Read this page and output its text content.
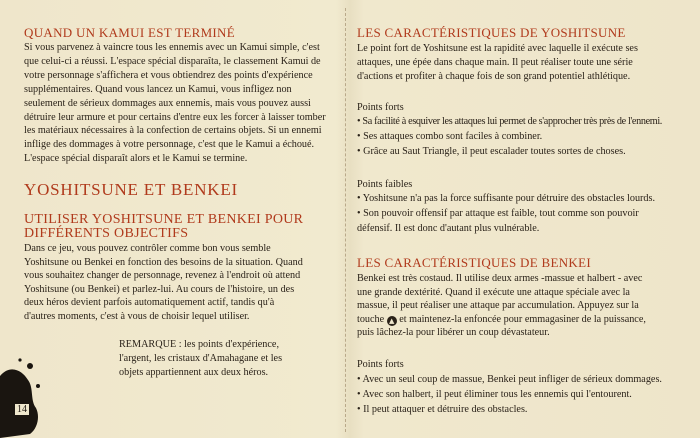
QUAND UN KAMUI EST TERMINÉ

Si vous parvenez à vaincre tous les ennemis avec un Kamui simple, c'est

que celui-ci a réussi. L'espace spécial disparaîta, le classement Kamui de

votre personnage s'affichera et vous obtiendrez des points d'expérience

supplémentaires. Quand vous lancez un Kamui, vous infligez non

seulement de sérieux dommages aux ennemis, mais vous pouvez aussi

détruire leur armure et pour certains d'entre eux les forcer à laisser tomber

les matériaux nécessaires à la confection de certains objets. Si un ennemi

inflige des dommages à votre personnage, c'est que le Kamui a échoué.

L'espace spécial disparaît alors et le Kamui se termine.

YOSHITSUNE ET BENKEI
UTILISER YOSHITSUNE ET BENKEI POUR
DIFFÉRENTS OBJECTIFS

Dans ce jeu, vous pouvez contrôler comme bon vous semble

Yoshitsune ou Benkei en fonction des besoins de la situation. Quand

vous souhaitez changer de personnage, revenez à l'endroit où attend

Yoshitsune (ou Benkei) et parlez-lui. Au cours de l'histoire, un des

deux héros devient parfois automatiquement actif, tandis qu'à

d'autres moments, c'est à vous de choisir lequel utiliser.

REMARQUE : les points d'expérience,

l'argent, les cristaux d'Amahagane et les

objets appartiennent aux deux héros.

14
LES CARACTÉRISTIQUES DE YOSHITSUNE

Le point fort de Yoshitsune est la rapidité avec laquelle il exécute ses

attaques, une épée dans chaque main. Il peut réaliser toute une série

d'actions et profiter à chaque fois de son grand potentiel athlétique.

Points forts

• Sa facilité à esquiver les attaques lui permet de s'approcher très près de l'ennemi.

• Ses attaques combo sont faciles à combiner.

• Grâce au Saut Triangle, il peut escalader toutes sortes de choses.

Points faibles

• Yoshitsune n'a pas la force suffisante pour détruire des obstacles lourds.

• Son pouvoir offensif par attaque est faible, tout comme son pouvoir

défensif. Il est donc d'autant plus vulnérable.

LES CARACTÉRISTIQUES DE BENKEI

Benkei est très costaud. Il utilise deux armes -massue et halbert - avec

une grande dextérité. Quand il exécute une attaque spéciale avec la

massue, il peut réaliser une attaque par accumulation. Appuyez sur la

touche ▲ et maintenez-la enfoncée pour emmagasiner de la puissance,

puis lâchez-la pour libérer un coup dévastateur.

Points forts

• Avec un seul coup de massue, Benkei peut infliger de sérieux dommages.

• Avec son halbert, il peut éliminer tous les ennemis qui l'entourent.

• Il peut attaquer et détruire des obstacles.
